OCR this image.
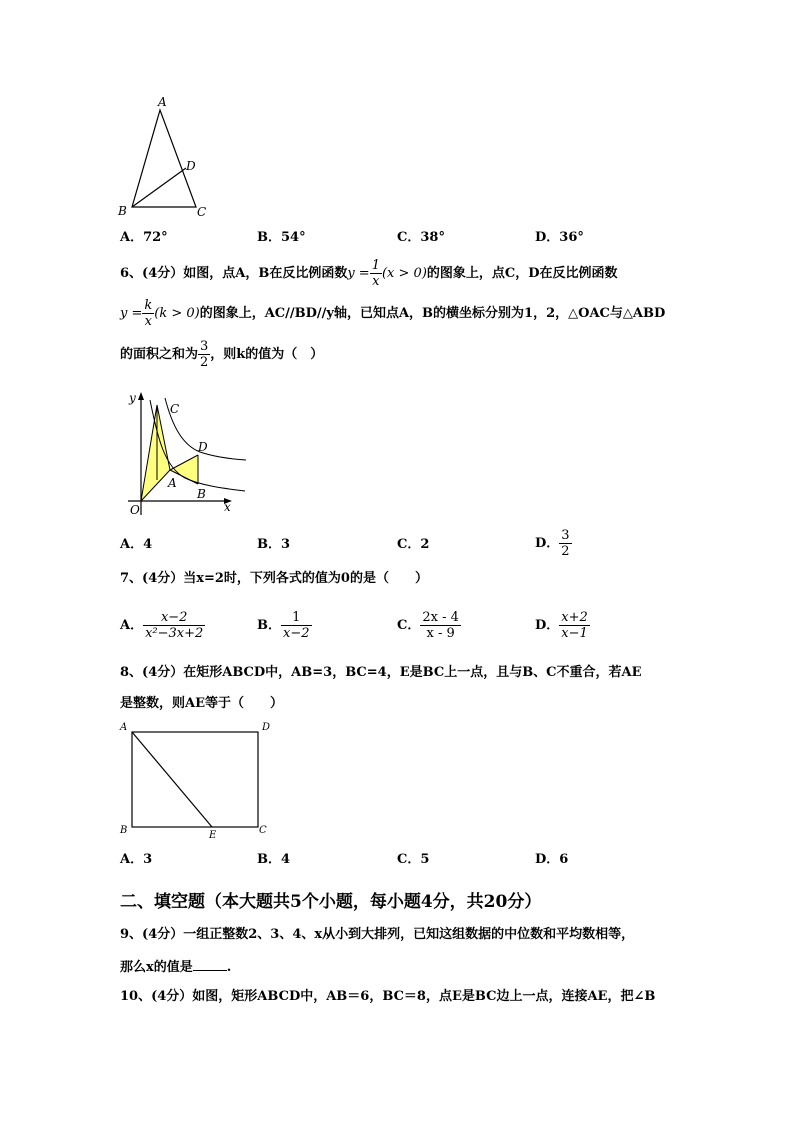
A
D
B	C
A．72°	B．54°	C．38°	D．36°
6、(4分）如图，点A，B在反比例函数$y = \frac{1}{x} (x > 0)$的图象上，点C，D在反比例函数
$y = \frac{k}{x} (k > 0)$的图象上，AC//BD//y轴，已知点A，B的横坐标分别为1，2，△OAC与△ABD
的面积之和为 $\frac{3}{2}$ ，则k的值为（　）
y
C
D
A
B
O	x
A．4	B．3	C．2	D． $\frac{3}{2}$
7、(4分）当x=2时，下列各式的值为0的是（　　）
A． $\frac{x-2}{\text{x²−3x+2}}$	B． $\frac{1}{x-2}$	C． $\frac{2x - 4}{x - 9}$	D． $\frac{x+2}{x-1}$
8、(4分）在矩形ABCD中，AB=3，BC=4，E是BC上一点，且与B、C不重合，若AE
是整数，则AE等于（　　）
A	D
B	E	C
A．3	B．4	C．5	D．6
二、填空题（本大题共5个小题，每小题4分，共20分）
9、(4分）一组正整数2、3、4、x从小到大排列，已知这组数据的中位数和平均数相等，
那么x的值是	.
10、(4分）如图，矩形ABCD中，AB＝6，BC＝8，点E是BC边上一点，连接AE，把∠B
